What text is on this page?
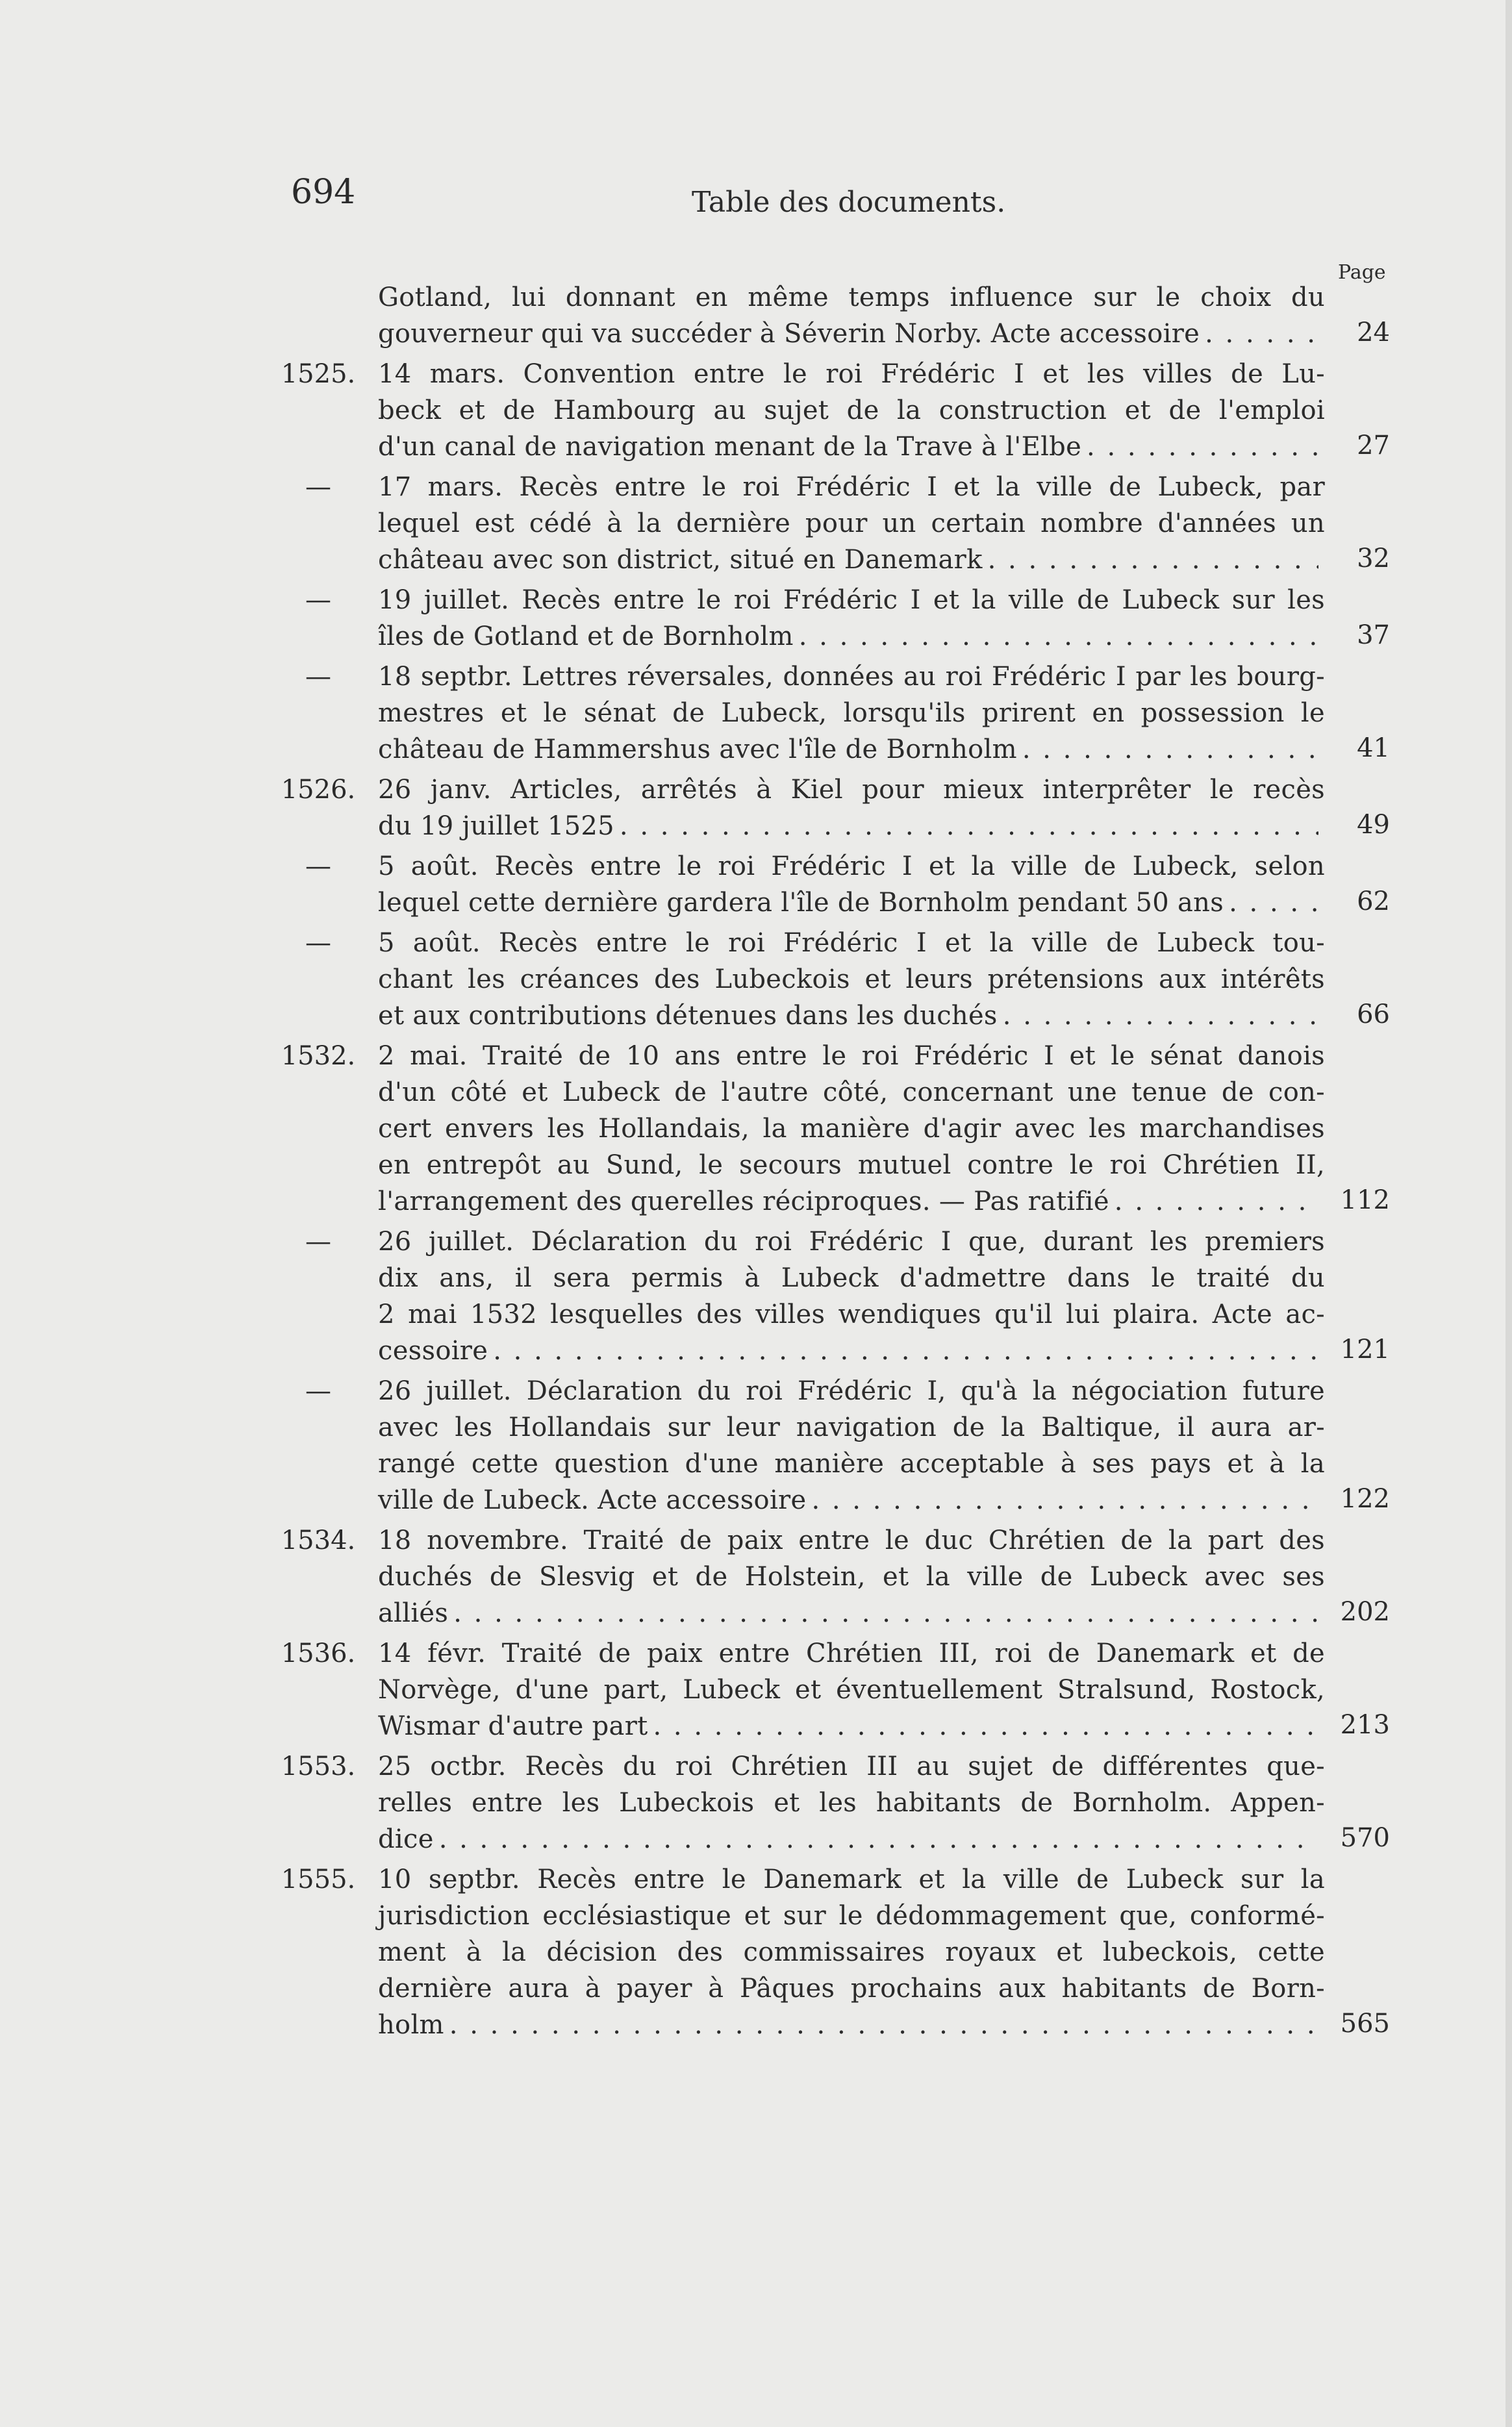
694	Table des documents.
Page
Gotland, lui donnant en même temps influence sur le choix du
gouverneur qui va succéder à Séverin Norby. Acte accessoire . . .	24
1525. 14 mars. Convention entre le roi Frédéric I et les villes de Lu-
beck et de Hambourg au sujet de la construction et de l'emploi
d'un canal de navigation menant de la Trave à l'Elbe . . .	27
—	17 mars. Recès entre le roi Frédéric I et la ville de Lubeck, par
lequel est cédé à la dernière pour un certain nombre d'années un
château avec son district, situé en Danemark . . .	32
—	19 juillet. Recès entre le roi Frédéric I et la ville de Lubeck sur les
îles de Gotland et de Bornholm . . .	37
—	18 septbr. Lettres réversales, données au roi Frédéric I par les bourg-
mestres et le sénat de Lubeck, lorsqu'ils prirent en possession le
château de Hammershus avec l'île de Bornholm . . .	41
1526. 26 janv. Articles, arrêtés à Kiel pour mieux interprêter le recès
du 19 juillet 1525 . . .	49
—	5 août. Recès entre le roi Frédéric I et la ville de Lubeck, selon
lequel cette dernière gardera l'île de Bornholm pendant 50 ans . . .	62
—	5 août. Recès entre le roi Frédéric I et la ville de Lubeck tou-
chant les créances des Lubeckois et leurs prétensions aux intérêts
et aux contributions détenues dans les duchés . . .	66
1532. 2 mai. Traité de 10 ans entre le roi Frédéric I et le sénat danois
d'un côté et Lubeck de l'autre côté, concernant une tenue de con-
cert envers les Hollandais, la manière d'agir avec les marchandises
en entrepôt au Sund, le secours mutuel contre le roi Chrétien II,
l'arrangement des querelles réciproques. — Pas ratifié . . .	112
—	26 juillet. Déclaration du roi Frédéric I que, durant les premiers
dix ans, il sera permis à Lubeck d'admettre dans le traité du
2 mai 1532 lesquelles des villes wendiques qu'il lui plaira. Acte ac-
cessoire . . .	121
—	26 juillet. Déclaration du roi Frédéric I, qu'à la négociation future
avec les Hollandais sur leur navigation de la Baltique, il aura ar-
rangé cette question d'une manière acceptable à ses pays et à la
ville de Lubeck. Acte accessoire . . .	122
1534. 18 novembre. Traité de paix entre le duc Chrétien de la part des
duchés de Slesvig et de Holstein, et la ville de Lubeck avec ses
alliés . . .	202
1536. 14 févr. Traité de paix entre Chrétien III, roi de Danemark et de
Norvège, d'une part, Lubeck et éventuellement Stralsund, Rostock,
Wismar d'autre part . . .	213
1553. 25 octbr. Recès du roi Chrétien III au sujet de différentes que-
relles entre les Lubeckois et les habitants de Bornholm. Appen-
dice . . .	570
1555. 10 septbr. Recès entre le Danemark et la ville de Lubeck sur la
jurisdiction ecclésiastique et sur le dédommagement que, conformé-
ment à la décision des commissaires royaux et lubeckois, cette
dernière aura à payer à Pâques prochains aux habitants de Born-
holm . . .	565
